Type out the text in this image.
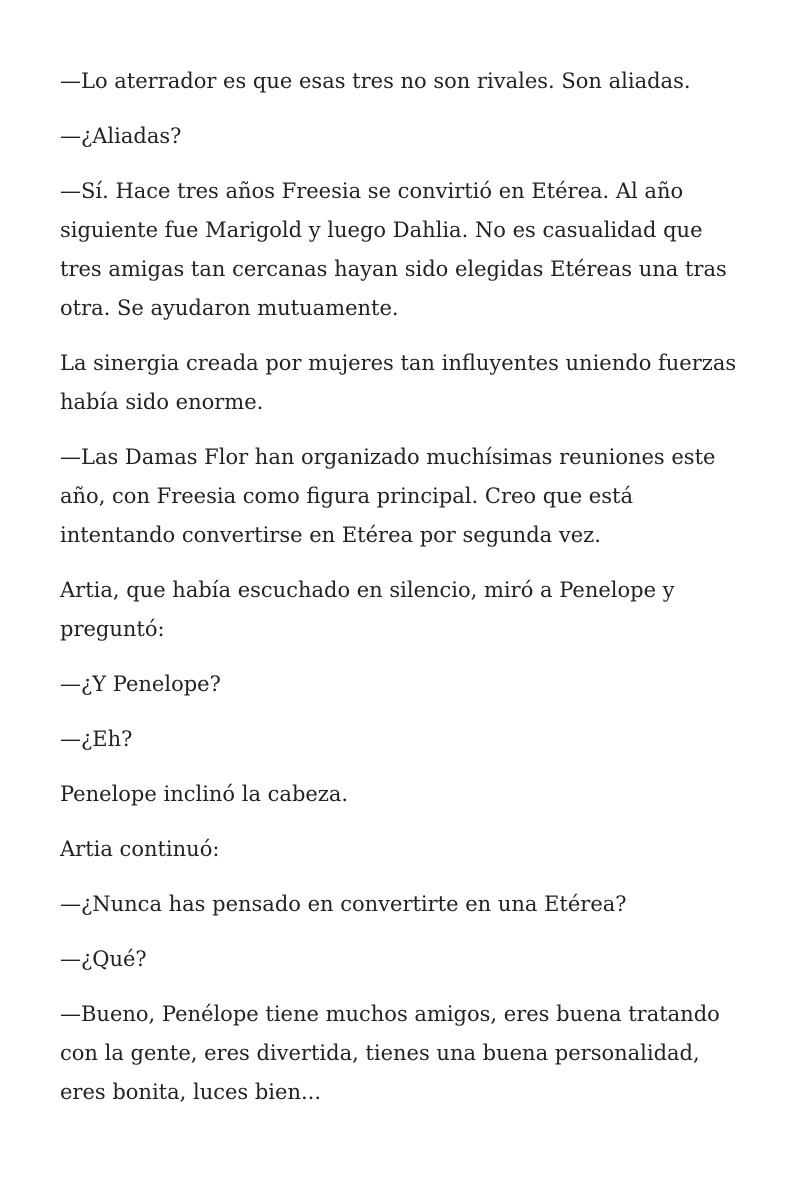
—Lo aterrador es que esas tres no son rivales. Son aliadas.

—¿Aliadas?

—Sí. Hace tres años Freesia se convirtió en Etérea. Al año siguiente fue Marigold y luego Dahlia. No es casualidad que tres amigas tan cercanas hayan sido elegidas Etéreas una tras otra. Se ayudaron mutuamente.

La sinergia creada por mujeres tan influyentes uniendo fuerzas había sido enorme.

—Las Damas Flor han organizado muchísimas reuniones este año, con Freesia como figura principal. Creo que está intentando convertirse en Etérea por segunda vez.

Artia, que había escuchado en silencio, miró a Penelope y preguntó:

—¿Y Penelope?

—¿Eh?

Penelope inclinó la cabeza.

Artia continuó:

—¿Nunca has pensado en convertirte en una Etérea?

—¿Qué?

—Bueno, Penélope tiene muchos amigos, eres buena tratando con la gente, eres divertida, tienes una buena personalidad, eres bonita, luces bien...
